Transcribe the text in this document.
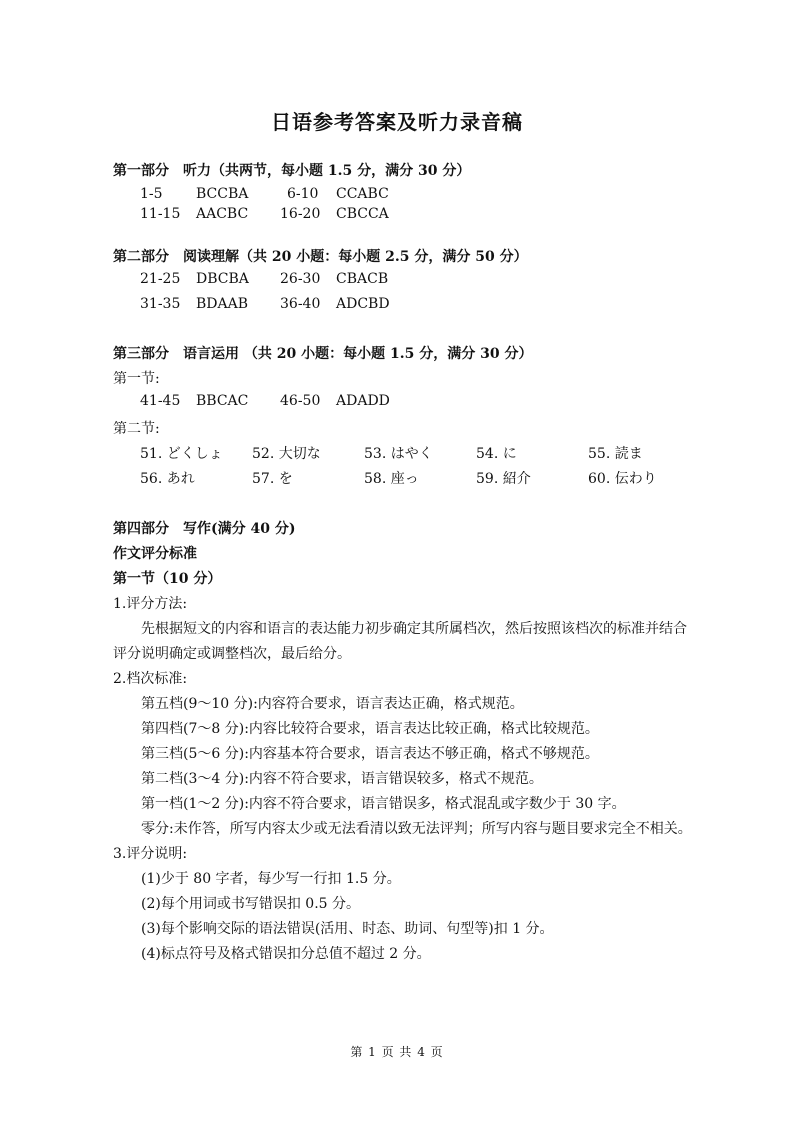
日语参考答案及听力录音稿
第一部分　听力（共两节，每小题 1.5 分，满分 30 分）
1-5 BCCBA	6-10 CCABC
11-15 AACBC 16-20 CBCCA
第二部分　阅读理解（共 20 小题：每小题 2.5 分，满分 50 分）
21-25 DBCBA 26-30 CBACB
31-35 BDAAB 36-40 ADCBD
第三部分　语言运用 （共 20 小题：每小题 1.5 分，满分 30 分）
第一节:
41-45 BBCAC 46-50 ADADD
第二节:
51. どくしょ 52. 大切な	53. はやく	54. に	55. 読ま
56. あれ	57. を	58. 座っ	59. 紹介	60. 伝わり
第四部分　写作(满分 40 分)
作文评分标准
第一节（10 分）
1.评分方法:
先根据短文的内容和语言的表达能力初步确定其所属档次，然后按照该档次的标准并结合
评分说明确定或调整档次，最后给分。
2.档次标准:
第五档(9～10 分):内容符合要求，语言表达正确，格式规范。
第四档(7～8 分):内容比较符合要求，语言表达比较正确，格式比较规范。
第三档(5～6 分):内容基本符合要求，语言表达不够正确，格式不够规范。
第二档(3～4 分):内容不符合要求，语言错误较多，格式不规范。
第一档(1～2 分):内容不符合要求，语言错误多，格式混乱或字数少于 30 字。
零分:未作答，所写内容太少或无法看清以致无法评判；所写内容与题目要求完全不相关。
3.评分说明:
(1)少于 80 字者，每少写一行扣 1.5 分。
(2)每个用词或书写错误扣 0.5 分。
(3)每个影响交际的语法错误(活用、时态、助词、句型等)扣 1 分。
(4)标点符号及格式错误扣分总值不超过 2 分。
第 1 页 共 4 页
